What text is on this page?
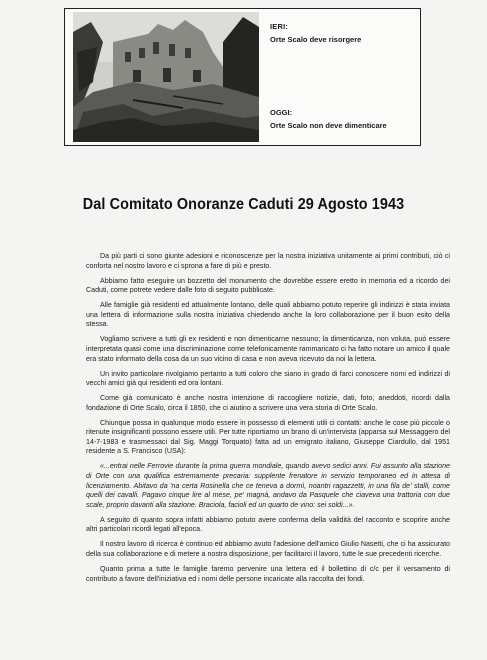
IERI:
Orte Scalo deve risorgere
OGGI:
Orte Scalo non deve dimenticare
Dal Comitato Onoranze Caduti 29 Agosto 1943

Da più parti ci sono giunte adesioni e riconoscenze per la nostra iniziativa unitamente ai primi contributi, ciò ci conforta nel nostro lavoro e ci sprona a fare di più e presto.

Abbiamo fatto eseguire un bozzetto del monumento che dovrebbe essere eretto in memoria ed a ricordo dei Caduti, come potrete vedere dalle foto di seguito pubblicate.

Alle famiglie già residenti ed attualmente lontano, delle quali abbiamo potuto reperire gli indirizzi è stata inviata una lettera di informazione sulla nostra iniziativa chiedendo anche la loro collaborazione per il buon esito della stessa.

Vogliamo scrivere a tutti gli ex residenti e non dimenticarne nessuno; la dimenticanza, non voluta, può essere interpretata quasi come una discriminazione come telefonicamente rammaricato ci ha fatto notare un amico il quale era stato informato della cosa da un suo vicino di casa e non aveva ricevuto da noi la lettera.

Un invito particolare rivolgiamo pertanto a tutti coloro che siano in grado di farci conoscere nomi ed indirizzi di vecchi amici già qui residenti ed ora lontani.

Come già comunicato è anche nostra intenzione di raccogliere notizie, dati, foto, aneddoti, ricordi dalla fondazione di Orte Scalo, circa il 1850, che ci aiutino a scrivere una vera storia di Orte Scalo.

Chiunque possa in qualunque modo essere in possesso di elementi utili ci contatti: anche le cose più piccole o ritenute insignificanti possono essere utili. Per tutte riportiamo un brano di un'intervista (apparsa sul Messaggero del 14-7-1983 e trasmessaci dal Sig. Maggi Torquato) fatta ad un emigrato italiano, Giuseppe Ciardullo, dal 1951 residente a S. Francisco (USA):

«...entrai nelle Ferrovie durante la prima guerra mondiale, quando avevo sedici anni. Fui assunto alla stazione di Orte con una qualifica estremamente precaria: supplente frenatore in servizio temporaneo ed in attesa di licenziamento. Abitavo da 'na certa Rosinella che ce teneva a dormì, noantri ragazzetti, in una fila de' stalli, come quelli dei cavalli. Pagavo cinque lire al mese, pe' magnà, andavo da Pasquele che ciaveva una trattoria con due scale, proprio davanti alla stazione. Braciola, facioli ed un quarto de vino: sei soldi...».

A seguito di quanto sopra infatti abbiamo potuto avere conferma della validità del racconto e scoprire anche altri particolari ricordi legati all'epoca.

Il nostro lavoro di ricerca è continuo ed abbiamo avuto l'adesione dell'amico Giulio Nasetti, che ci ha assicurato della sua collaborazione e di metere a nostra disposizione, per facilitarci il lavoro, tutte le sue precedenti ricerche.

Quanto prima a tutte le famiglie faremo pervenire una lettera ed il bollettino di c/c per il versamento di contributo a favore dell'iniziativa ed i nomi delle persone incaricate alla raccolta dei fondi.
